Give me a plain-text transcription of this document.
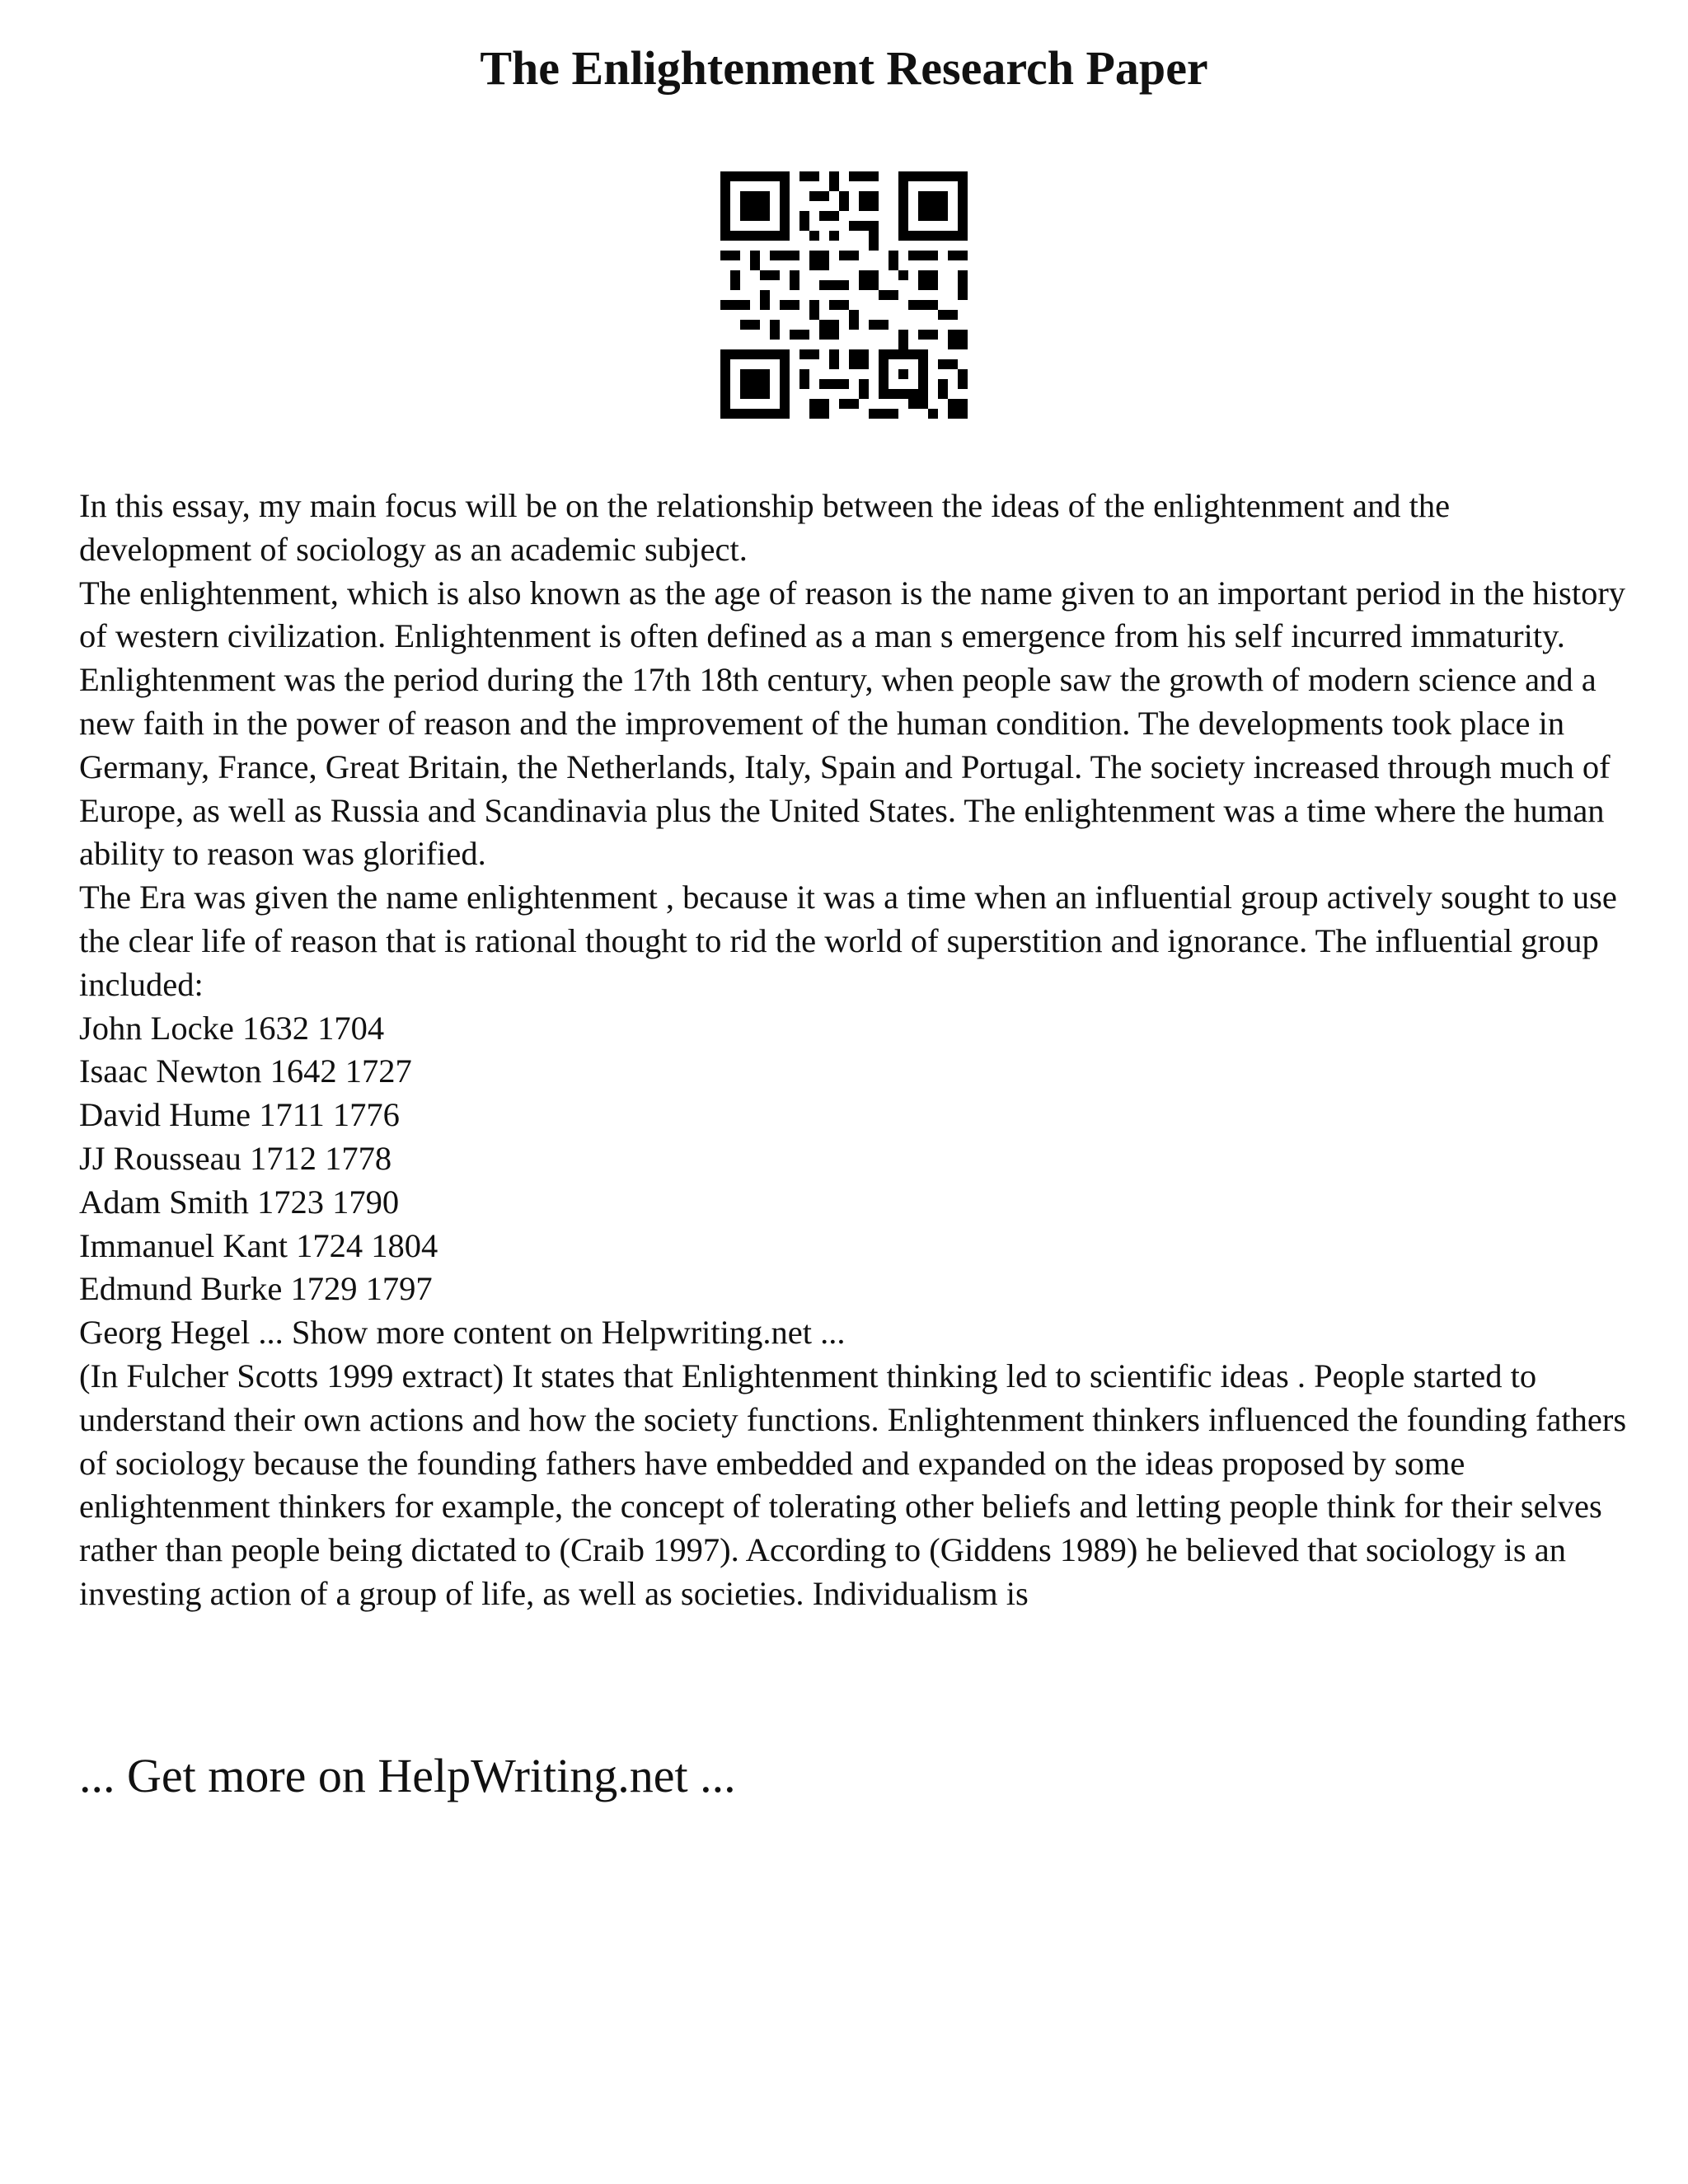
The Enlightenment Research Paper

In this essay, my main focus will be on the relationship between the ideas of the enlightenment and the development of sociology as an academic subject.

The enlightenment, which is also known as the age of reason is the name given to an important period in the history of western civilization. Enlightenment is often defined as a man s emergence from his self incurred immaturity. Enlightenment was the period during the 17th 18th century, when people saw the growth of modern science and a new faith in the power of reason and the improvement of the human condition. The developments took place in Germany, France, Great Britain, the Netherlands, Italy, Spain and Portugal. The society increased through much of Europe, as well as Russia and Scandinavia plus the United States. The enlightenment was a time where the human ability to reason was glorified.

The Era was given the name enlightenment , because it was a time when an influential group actively sought to use the clear life of reason that is rational thought to rid the world of superstition and ignorance. The influential group included:

John Locke 1632 1704

Isaac Newton 1642 1727

David Hume 1711 1776

JJ Rousseau 1712 1778

Adam Smith 1723 1790

Immanuel Kant 1724 1804

Edmund Burke 1729 1797

Georg Hegel ... Show more content on Helpwriting.net ...

(In Fulcher Scotts 1999 extract) It states that Enlightenment thinking led to scientific ideas . People started to understand their own actions and how the society functions. Enlightenment thinkers influenced the founding fathers of sociology because the founding fathers have embedded and expanded on the ideas proposed by some enlightenment thinkers for example, the concept of tolerating other beliefs and letting people think for their selves rather than people being dictated to (Craib 1997). According to (Giddens 1989) he believed that sociology is an investing action of a group of life, as well as societies. Individualism is

... Get more on HelpWriting.net ...
